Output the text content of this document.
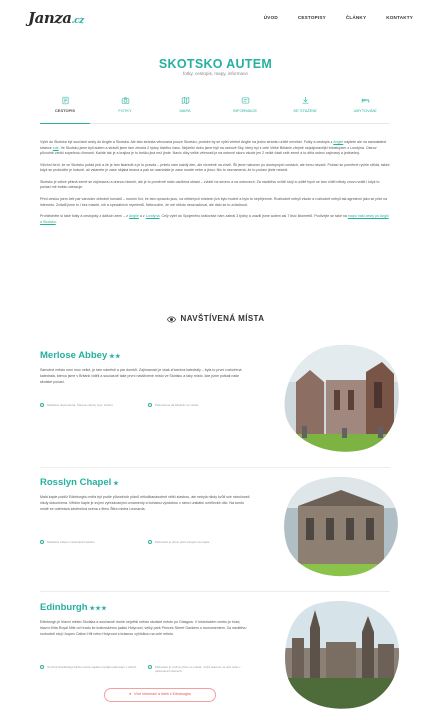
Janza.cz	ÚVOD	CESTOPISY	ČLÁNKY	KONTAKTY
SKOTSKO AUTEM
fotky, cestopis, mapy, informace
CESTOPIS	FOTKY	MAPA	INFORMACE	KE STAŽENÍ	UBYTOVÁNÍ

Výlet do Skotska byl součástí cesty do Anglie a Skotska. Ale tato stránka věnovaná pouze Skotsku, protože by se výlet včetně Anglie na jednu stránku určitě nevešel. Fotky a cestopis z Anglie najdete ale na samostatné stránce zde. Ve Skotsku jsme byli autem a strávili jsme tam zhruba 2 týdny čistého času. Nejdelší dobu jsme byli na ostrově Sky, který byl z celé Velké Británie zřejmě nejzajímavější fotostopem z Londýna. Ostrov původně vznikl sopečnou činností. Každé tak je a krajina je tu trošku jiná než jinde. Navíc díky velké větrnosti je na ostrově skoro všude jen 2 velké části celé země a to dělá ostrov zajímavý a jedinečný.

Všichni tvrdí, že ve Skotsku pořád prší a že je tam škaredě a je to pravda – pršelo nám každý den, ale nicméně na chvíli. Šli jsme nakonec po dostupných cestách, ale tomu nevadí. Počasí se poměrně rychle střídá, takže když se probudíte je krásně, až vstanete je zase nějaká tmavá a pak se nasnídate je zase modré nebe a jinou. Nic to neznamená, že to počasí jinde nesedí.

Skotsko je velice pěkná země se zajímavou a drsnou historií, ale je to poměrně málo osídlená oblast – zvlášť na severu a na ostrovech. Za návštěvu určitě stojí a určitě bych se tam chtěl někdy znovu vrátit i když to počasí mě trošku odrazuje.

Před cestou jsem četl pár varování ohledně komárů – musím říct, že tam opravdu jsou, na některých místech jich bylo hodně a bylo to nepříjemné. Rozhodně nebyli všude a rozhodně nebyli tak agresivní jako se píše na internetu. Zvládli jsme to i bez masek, sítí a speciálních repelentů. Nekroužím, že mě někdo neoznačoval, ale dalo se to zvládnout.

Prohlédněte si také fotky a cestopisy z dalších zemí – z Anglie a z Londýna. Celý výlet do Spojeného království nám zabral 3 týdny a urazili jsme autem asi 7 tisíc kilometrů. Podívejte se také na mapu naší cesty po Anglii a Skotsku.

NAVŠTÍVENÁ MÍSTA
Merlose Abbey ★★
Samotné město není moc velké, je tam náměstí a pár domků. Zajímavostí je však zřícenina katedrály – byla to první rozbořená katedrála, kterou jsme v Británii viděli a současně také první navštívené místo ve Skotsku a taky místo, kde jsme potkali naše skotské počasí.
Návštěva doporučená. Časové nároky max. hodinu.	Parkovat se dá kdekoliv ve městě.
Rosslyn Chapel ★
Malá kaple poblíž Edinburghu měla být podle původních plánů několikanásobně větší stavbou, ale nebyla nikdy kvůli své náročnosti nikdy dokončena. Větším kaple je svými vyřezávanými ornamenty a bohatou výzdobou v rámci unikátní umělecké dílo. Na tomto místě se odehrává závěrečná scéna z filmu Šifra mistra Leonarda.
Návštěva zabere maximálně hodinku.	Parkování je přímo před vstupem do kaple.
Edinburgh ★★★
Edinburgh je hlavní město Skotska a současně druhé největší město skotské město po Glasgow. V historickém centru je hrad, hlavní třída Royal Mile od hradu ke královskému paláci Holyrood, velký park Princes Street Gardens s monumentem. Za návštěvu rozhodně stojí i kopec Calton Hill nebo Holyrood s krásnou vyhlídkou na celé město.
Ve čtvrti Stockbridge blízko centra najdete levnější parkování v ulicích.	Parkování je možné přímo ve městě, i když placené na ulici nebo v parkovacích domech.
● Více informací a fotek z Edinburghu
